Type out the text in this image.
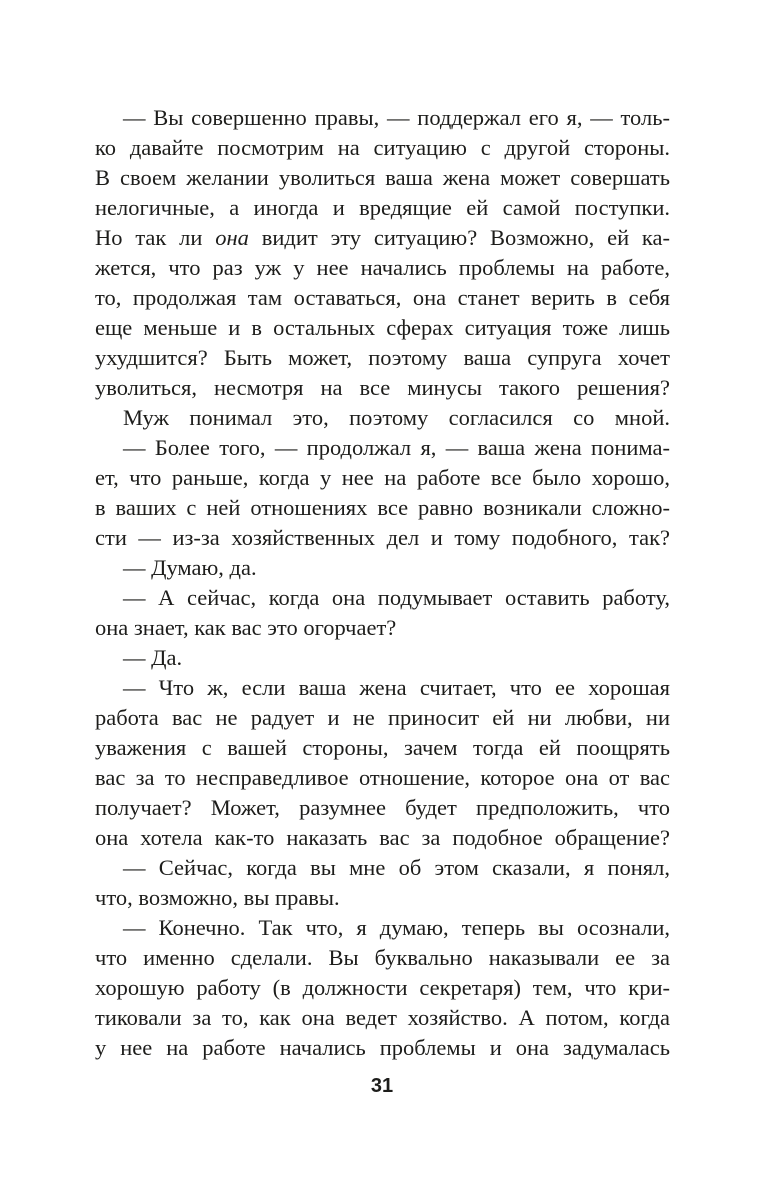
— Вы совершенно правы, — поддержал его я, — толь-
ко давайте посмотрим на ситуацию с другой стороны.
В своем желании уволиться ваша жена может совершать
нелогичные, а иногда и вредящие ей самой поступки.
Но так ли она видит эту ситуацию? Возможно, ей ка-
жется, что раз уж у нее начались проблемы на работе,
то, продолжая там оставаться, она станет верить в себя
еще меньше и в остальных сферах ситуация тоже лишь
ухудшится? Быть может, поэтому ваша супруга хочет
уволиться, несмотря на все минусы такого решения?
Муж понимал это, поэтому согласился со мной.
— Более того, — продолжал я, — ваша жена понима-
ет, что раньше, когда у нее на работе все было хорошо,
в ваших с ней отношениях все равно возникали сложно-
сти — из-за хозяйственных дел и тому подобного, так?
— Думаю, да.
— А сейчас, когда она подумывает оставить работу,
она знает, как вас это огорчает?
— Да.
— Что ж, если ваша жена считает, что ее хорошая
работа вас не радует и не приносит ей ни любви, ни
уважения с вашей стороны, зачем тогда ей поощрять
вас за то несправедливое отношение, которое она от вас
получает? Может, разумнее будет предположить, что
она хотела как-то наказать вас за подобное обращение?
— Сейчас, когда вы мне об этом сказали, я понял,
что, возможно, вы правы.
— Конечно. Так что, я думаю, теперь вы осознали,
что именно сделали. Вы буквально наказывали ее за
хорошую работу (в должности секретаря) тем, что кри-
тиковали за то, как она ведет хозяйство. А потом, когда
у нее на работе начались проблемы и она задумалась
31
